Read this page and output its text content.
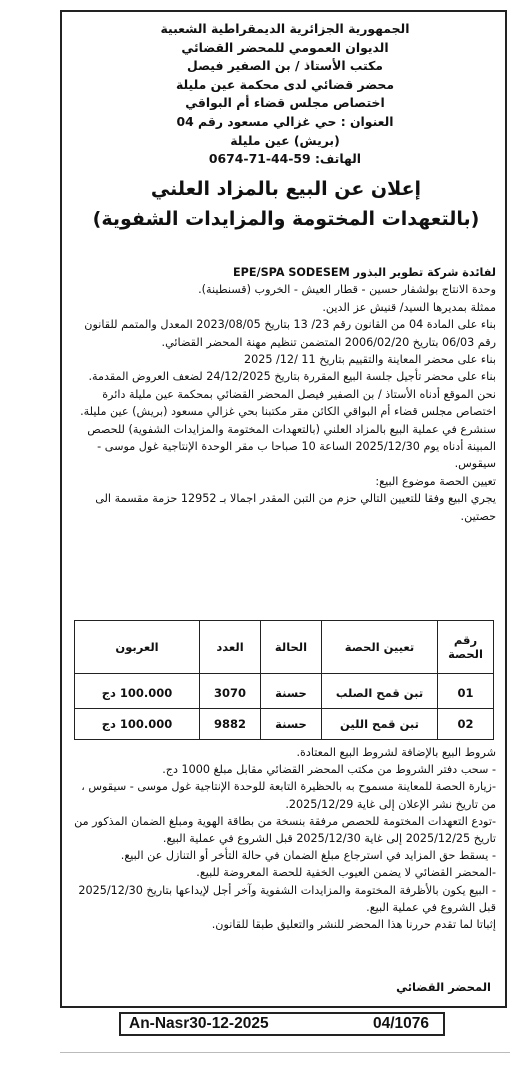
الجمهورية الجزائرية الديمقراطية الشعبية
الديوان العمومي للمحضر القضائي
مكتب الأستاذ / بن الصفير فيصل
محضر قضائي لدى محكمة عين مليلة
اختصاص مجلس قضاء أم البواقي
العنوان : حي غزالي مسعود رقم 04
(بريش) عين مليلة
الهاتف: 59-44-71-0674
إعلان عن البيع بالمزاد العلني
(بالتعهدات المختومة والمزايدات الشفوية)

لفائدة شركة تطوير البذور EPE/SPA SODESEM

وحدة الانتاج بولشفار حسين - قطار العيش - الخروب (قسنطينة).

ممثلة بمديرها السيد/ قنيش عز الدين.

بناء على المادة 04 من القانون رقم 23/ 13 بتاريخ 2023/08/05 المعدل والمتمم للقانون رقم 06/03 بتاريخ 2006/02/20 المتضمن تنظيم مهنة المحضر القضائي.

بناء على محضر المعاينة والتقييم بتاريخ 11 /12/ 2025

بناء على محضر تأجيل جلسة البيع المقررة بتاريخ 24/12/2025 لضعف العروض المقدمة.

نحن الموقع أدناه الأستاذ / بن الصفير فيصل المحضر القضائي بمحكمة عين مليلة دائرة اختصاص مجلس قضاء أم البواقي الكائن مقر مكتبنا بحي غزالي مسعود (بريش) عين مليلة.

سنشرع في عملية البيع بالمزاد العلني (بالتعهدات المختومة والمزايدات الشفوية) للحصص المبينة أدناه يوم 2025/12/30 الساعة 10 صباحا ب مقر الوحدة الإنتاجية غول موسى - سيقوس.

تعيين الحصة موضوع البيع:

يجري البيع وفقا للتعيين التالي حزم من التبن المقدر اجمالا بـ 12952 حزمة مقسمة الى حصتين.

رقم الحصة	تعيين الحصة	الحالة	العدد	العربون
01	تبن قمح الصلب	حسنة	3070	100.000 دج
02	تبن قمح اللين	حسنة	9882	100.000 دج

شروط البيع بالإضافة لشروط البيع المعتادة.

- سحب دفتر الشروط من مكتب المحضر القضائي مقابل مبلغ 1000 دج.

-زيارة الحصة للمعاينة مسموح به بالحظيرة التابعة للوحدة الإنتاجية غول موسى - سيقوس ، من تاريخ نشر الإعلان إلى غاية 2025/12/29.

-تودع التعهدات المختومة للحصص مرفقة بنسخة من بطاقة الهوية ومبلغ الضمان المذكور من تاريخ 2025/12/25 إلى غاية 2025/12/30 قبل الشروع في عملية البيع.

- يسقط حق المزايد في استرجاع مبلغ الضمان في حالة التأخر أو التنازل عن البيع.

-المحضر القضائي لا يضمن العيوب الخفية للحصة المعروضة للبيع.

- البيع يكون بالأظرفة المختومة والمزايدات الشفوية وآخر أجل لإيداعها بتاريخ 2025/12/30 قبل الشروع في عملية البيع.

إثباتا لما تقدم حررنا هذا المحضر للنشر والتعليق طبقا للقانون.

المحضر القضائي
An-Nasr30-12-2025	04/1076
